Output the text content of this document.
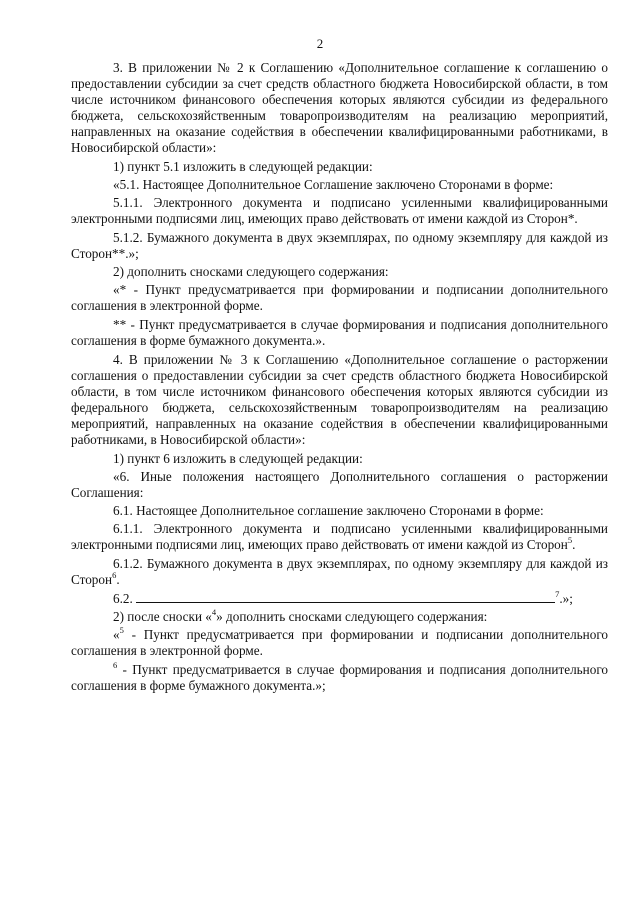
2

3. В приложении № 2 к Соглашению «Дополнительное соглашение к соглашению о предоставлении субсидии за счет средств областного бюджета Новосибирской области, в том числе источником финансового обеспечения которых являются субсидии из федерального бюджета, сельскохозяйственным товаропроизводителям на реализацию мероприятий, направленных на оказание содействия в обеспечении квалифицированными работниками, в Новосибирской области»:

1) пункт 5.1 изложить в следующей редакции:

«5.1. Настоящее Дополнительное Соглашение заключено Сторонами в форме:

5.1.1. Электронного документа и подписано усиленными квалифицированными электронными подписями лиц, имеющих право действовать от имени каждой из Сторон*.

5.1.2. Бумажного документа в двух экземплярах, по одному экземпляру для каждой из Сторон**.»;

2) дополнить сносками следующего содержания:

«* - Пункт предусматривается при формировании и подписании дополнительного соглашения в электронной форме.

** - Пункт предусматривается в случае формирования и подписания дополнительного соглашения в форме бумажного документа.».

4. В приложении № 3 к Соглашению «Дополнительное соглашение о расторжении соглашения о предоставлении субсидии за счет средств областного бюджета Новосибирской области, в том числе источником финансового обеспечения которых являются субсидии из федерального бюджета, сельскохозяйственным товаропроизводителям на реализацию мероприятий, направленных на оказание содействия в обеспечении квалифицированными работниками, в Новосибирской области»:

1) пункт 6 изложить в следующей редакции:

«6. Иные положения настоящего Дополнительного соглашения о расторжении Соглашения:

6.1. Настоящее Дополнительное соглашение заключено Сторонами в форме:

6.1.1. Электронного документа и подписано усиленными квалифицированными электронными подписями лиц, имеющих право действовать от имени каждой из Сторон$^5$.

6.1.2. Бумажного документа в двух экземплярах, по одному экземпляру для каждой из Сторон$^6$.

6.2.	$^7$.»;

2) после сноски «$^4$» дополнить сносками следующего содержания:

«$^5$ - Пункт предусматривается при формировании и подписании дополнительного соглашения в электронной форме.

$^6$ - Пункт предусматривается в случае формирования и подписания дополнительного соглашения в форме бумажного документа.»;
